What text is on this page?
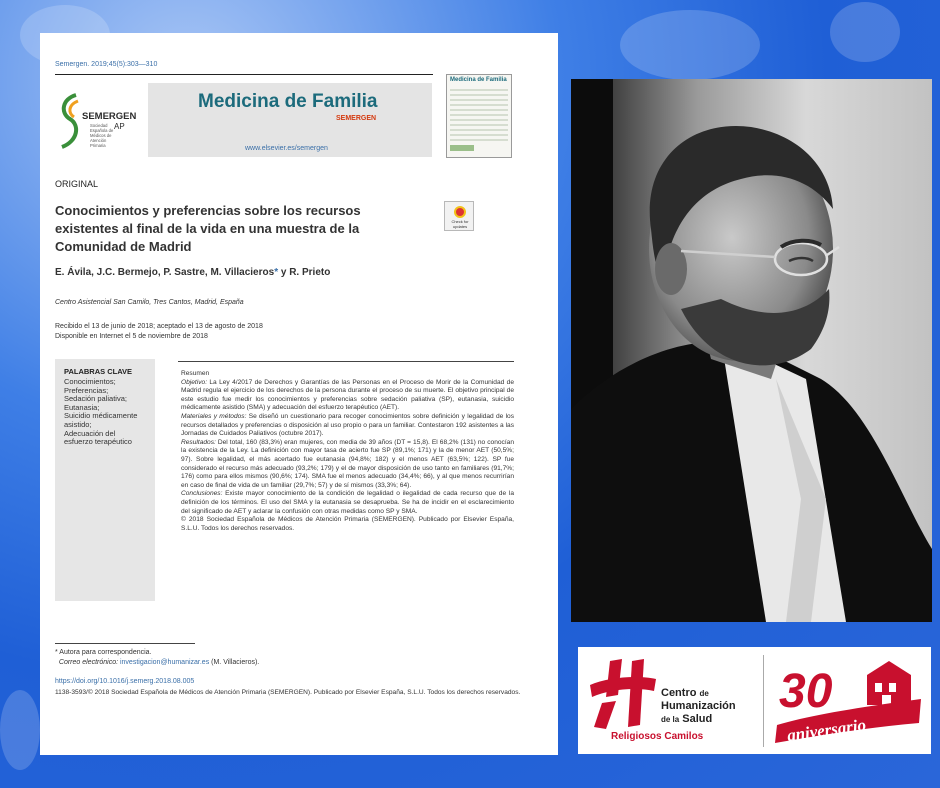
Semergen. 2019;45(5):303—310
SEMERGEN
AP
Sociedad Española de Médicos de Atención Primaria
Medicina de Familia
SEMERGEN
www.elsevier.es/semergen
Medicina de Familia
ORIGINAL
Conocimientos y preferencias sobre los recursos existentes al final de la vida en una muestra de la Comunidad de Madrid
Check for updates
E. Ávila, J.C. Bermejo, P. Sastre, M. Villacieros* y R. Prieto
Centro Asistencial San Camilo, Tres Cantos, Madrid, España
Recibido el 13 de junio de 2018; aceptado el 13 de agosto de 2018
Disponible en Internet el 5 de noviembre de 2018
PALABRAS CLAVE
Conocimientos;
Preferencias;
Sedación paliativa;
Eutanasia;
Suicidio médicamente asistido;
Adecuación del esfuerzo terapéutico
Resumen
Objetivo: La Ley 4/2017 de Derechos y Garantías de las Personas en el Proceso de Morir de la Comunidad de Madrid regula el ejercicio de los derechos de la persona durante el proceso de su muerte. El objetivo principal de este estudio fue medir los conocimientos y preferencias sobre sedación paliativa (SP), eutanasia, suicidio médicamente asistido (SMA) y adecuación del esfuerzo terapéutico (AET).
Materiales y métodos: Se diseñó un cuestionario para recoger conocimientos sobre definición y legalidad de los recursos detallados y preferencias o disposición al uso propio o para un familiar. Contestaron 192 asistentes a las Jornadas de Cuidados Paliativos (octubre 2017).
Resultados: Del total, 160 (83,3%) eran mujeres, con media de 39 años (DT = 15,8). El 68,2% (131) no conocían la existencia de la Ley. La definición con mayor tasa de acierto fue SP (89,1%; 171) y la de menor AET (50,5%; 97). Sobre legalidad, el más acertado fue eutanasia (94,8%; 182) y el menos AET (63,5%; 122). SP fue considerado el recurso más adecuado (93,2%; 179) y el de mayor disposición de uso tanto en familiares (91,7%; 176) como para ellos mismos (90,6%; 174). SMA fue el menos adecuado (34,4%; 66), y al que menos recurrirían en caso de final de vida de un familiar (29,7%; 57) y de sí mismos (33,3%; 64).
Conclusiones: Existe mayor conocimiento de la condición de legalidad o ilegalidad de cada recurso que de la definición de los términos. El uso del SMA y la eutanasia se desaprueba. Se ha de incidir en el esclarecimiento del significado de AET y aclarar la confusión con otras medidas como SP y SMA.
© 2018 Sociedad Española de Médicos de Atención Primaria (SEMERGEN). Publicado por Elsevier España, S.L.U. Todos los derechos reservados.
* Autora para correspondencia.
Correo electrónico: investigacion@humanizar.es (M. Villacieros).
https://doi.org/10.1016/j.semerg.2018.08.005
1138-3593/© 2018 Sociedad Española de Médicos de Atención Primaria (SEMERGEN). Publicado por Elsevier España, S.L.U. Todos los derechos reservados.	Centro de
Humanización
de la Salud
Religiosos Camilos
30
aniversario
